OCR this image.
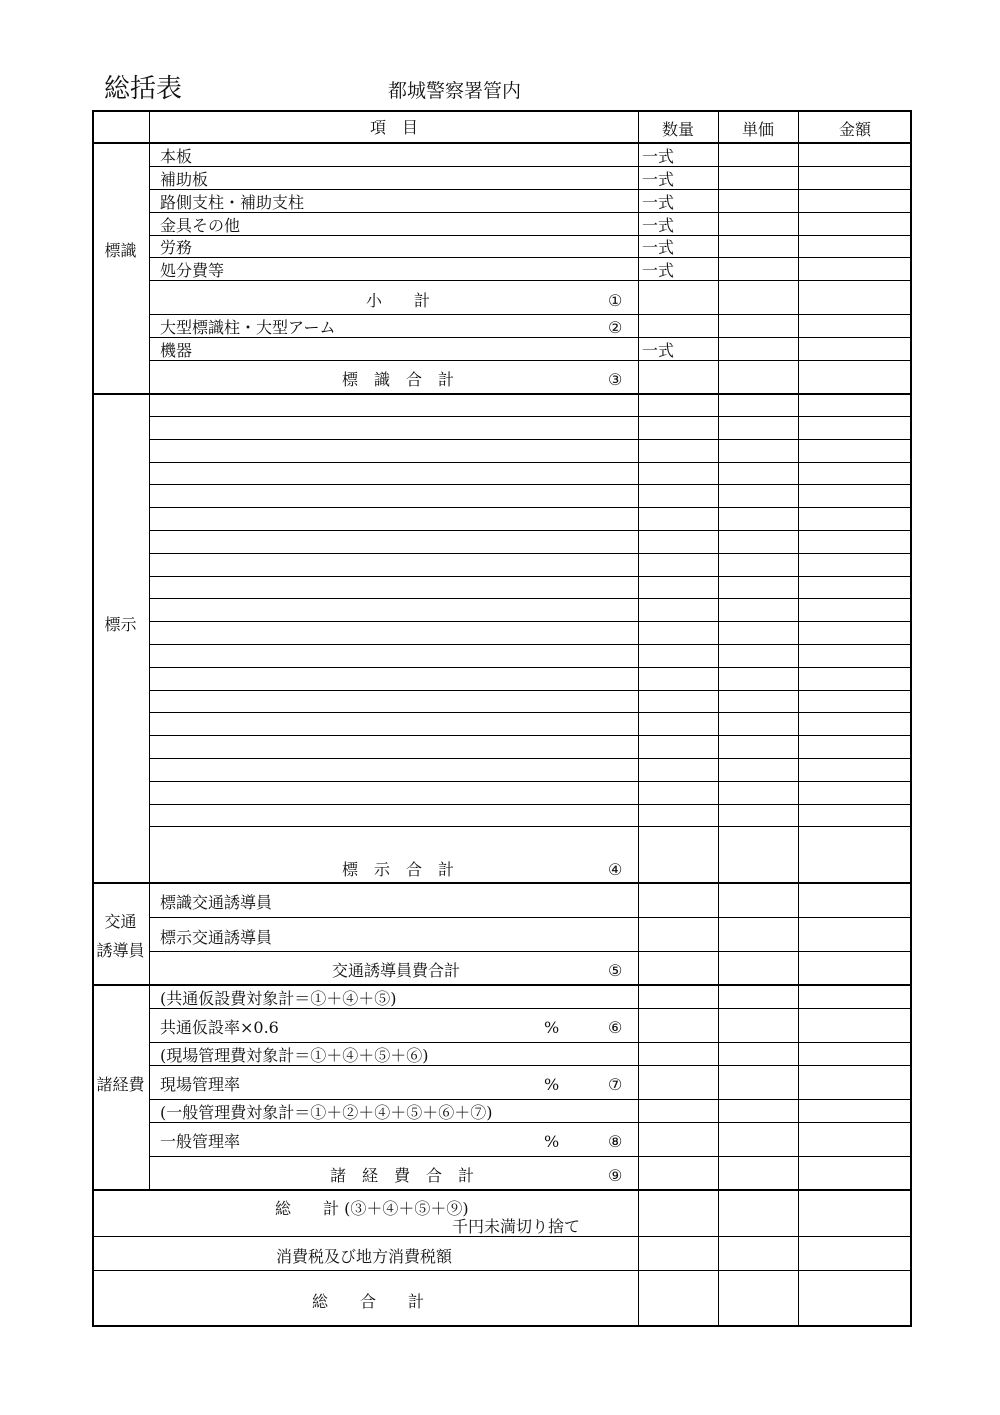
総括表	都城警察署管内
項　目	数量	単価	金額
標識
本板	一式
補助板	一式
路側支柱・補助支柱	一式
金具その他	一式
労務	一式
処分費等	一式
小　　計	①
大型標識柱・大型アーム	②
機器	一式
標　識　合　計	③
標示
標　示　合　計	④
交通
誘導員
標識交通誘導員
標示交通誘導員
交通誘導員費合計	⑤
諸経費
(共通仮設費対象計＝①＋④＋⑤)
共通仮設率×0.6	%	⑥
(現場管理費対象計＝①＋④＋⑤＋⑥)
現場管理率	%	⑦
(一般管理費対象計＝①＋②＋④＋⑤＋⑥＋⑦)
一般管理率	%	⑧
諸　経　費　合　計	⑨
総　　計 (③＋④＋⑤＋⑨)
千円未満切り捨て
消費税及び地方消費税額
総　　合　　計
